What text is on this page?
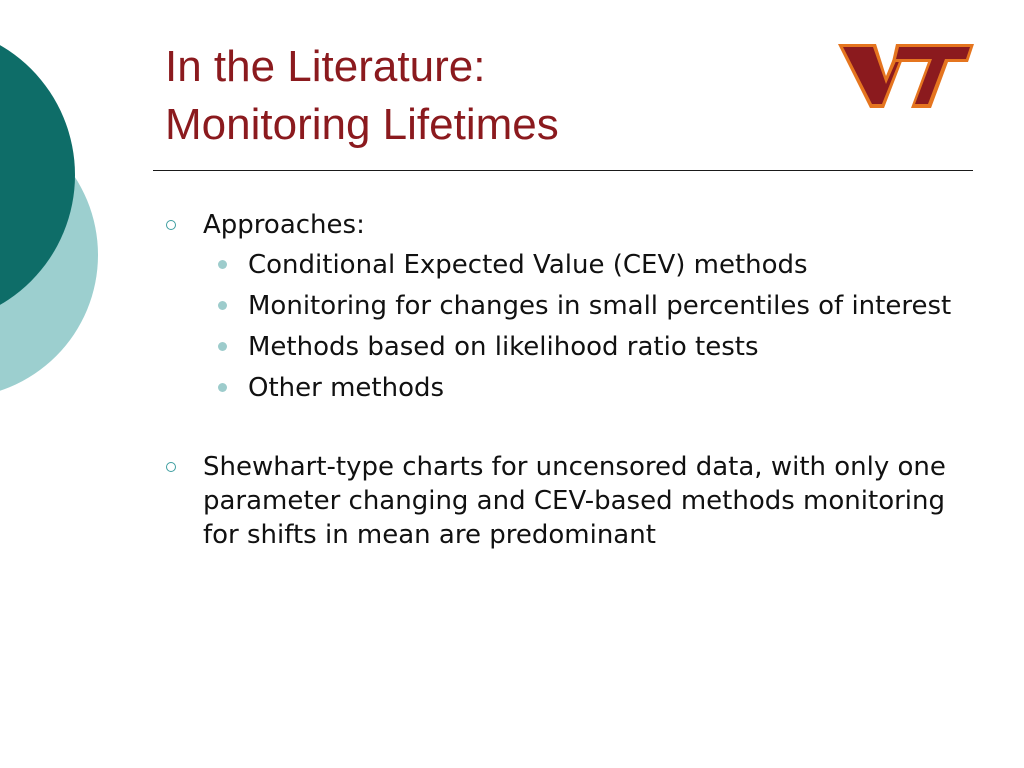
In the Literature:
Monitoring Lifetimes
Approaches:
Conditional Expected Value (CEV) methods
Monitoring for changes in small percentiles of interest
Methods based on likelihood ratio tests
Other methods
Shewhart-type charts for uncensored data, with only one parameter changing and CEV-based methods monitoring for shifts in mean are predominant
